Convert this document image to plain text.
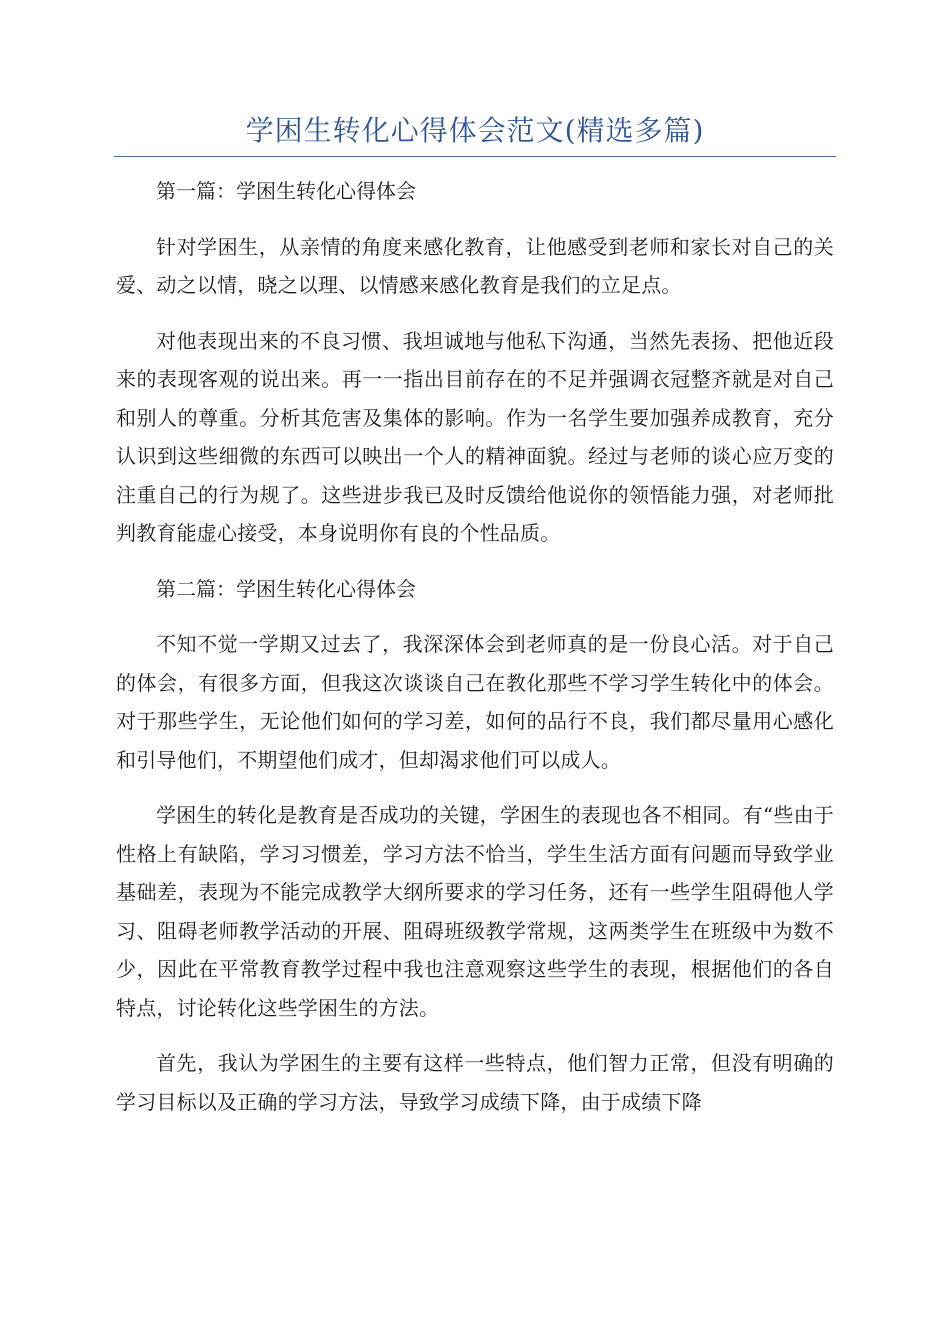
学困生转化心得体会范文(精选多篇)

第一篇：学困生转化心得体会

针对学困生，从亲情的角度来感化教育，让他感受到老师和家长对自己的关爱、动之以情，晓之以理、以情感来感化教育是我们的立足点。

对他表现出来的不良习惯、我坦诚地与他私下沟通，当然先表扬、把他近段来的表现客观的说出来。再一一指出目前存在的不足并强调衣冠整齐就是对自己和别人的尊重。分析其危害及集体的影响。作为一名学生要加强养成教育，充分认识到这些细微的东西可以映出一个人的精神面貌。经过与老师的谈心应万变的注重自己的行为规了。这些进步我已及时反馈给他说你的领悟能力强，对老师批判教育能虚心接受，本身说明你有良的个性品质。

第二篇：学困生转化心得体会

不知不觉一学期又过去了，我深深体会到老师真的是一份良心活。对于自己的体会，有很多方面，但我这次谈谈自己在教化那些不学习学生转化中的体会。对于那些学生，无论他们如何的学习差，如何的品行不良，我们都尽量用心感化和引导他们，不期望他们成才，但却渴求他们可以成人。

学困生的转化是教育是否成功的关键，学困生的表现也各不相同。有“些由于性格上有缺陷，学习习惯差，学习方法不恰当，学生生活方面有问题而导致学业基础差，表现为不能完成教学大纲所要求的学习任务，还有一些学生阻碍他人学习、阻碍老师教学活动的开展、阻碍班级教学常规，这两类学生在班级中为数不少，因此在平常教育教学过程中我也注意观察这些学生的表现，根据他们的各自特点，讨论转化这些学困生的方法。

首先，我认为学困生的主要有这样一些特点，他们智力正常，但没有明确的学习目标以及正确的学习方法，导致学习成绩下降，由于成绩下降
